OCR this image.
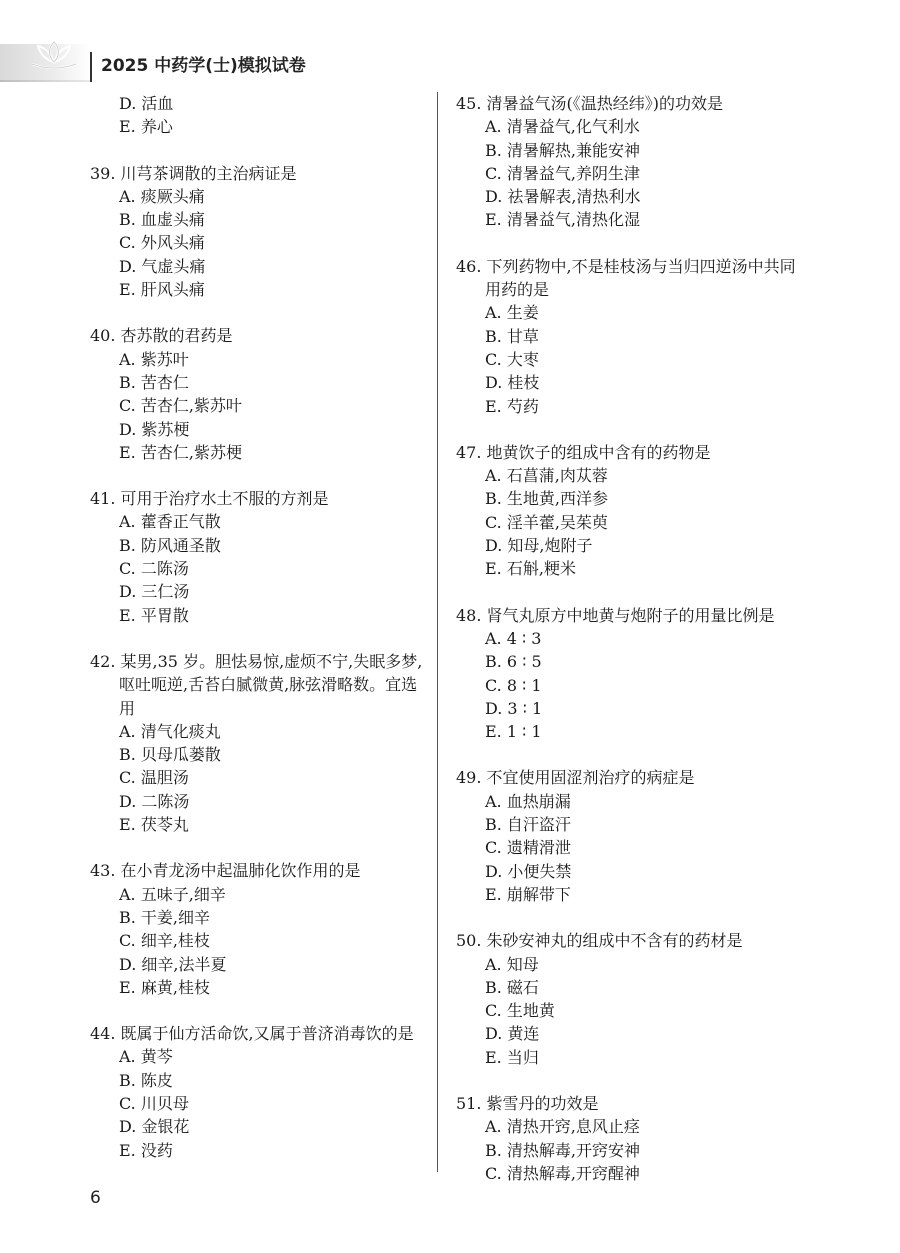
2025 中药学(士)模拟试卷
D. 活血
E. 养心
39. 川芎茶调散的主治病证是
A. 痰厥头痛
B. 血虚头痛
C. 外风头痛
D. 气虚头痛
E. 肝风头痛
40. 杏苏散的君药是
A. 紫苏叶
B. 苦杏仁
C. 苦杏仁,紫苏叶
D. 紫苏梗
E. 苦杏仁,紫苏梗
41. 可用于治疗水土不服的方剂是
A. 藿香正气散
B. 防风通圣散
C. 二陈汤
D. 三仁汤
E. 平胃散
42. 某男,35 岁。胆怯易惊,虚烦不宁,失眠多梦,呕吐呃逆,舌苔白腻微黄,脉弦滑略数。宜选用
A. 清气化痰丸
B. 贝母瓜蒌散
C. 温胆汤
D. 二陈汤
E. 茯苓丸
43. 在小青龙汤中起温肺化饮作用的是
A. 五味子,细辛
B. 干姜,细辛
C. 细辛,桂枝
D. 细辛,法半夏
E. 麻黄,桂枝
44. 既属于仙方活命饮,又属于普济消毒饮的是
A. 黄芩
B. 陈皮
C. 川贝母
D. 金银花
E. 没药
45. 清暑益气汤(《温热经纬》)的功效是
A. 清暑益气,化气利水
B. 清暑解热,兼能安神
C. 清暑益气,养阴生津
D. 祛暑解表,清热利水
E. 清暑益气,清热化湿
46. 下列药物中,不是桂枝汤与当归四逆汤中共同用药的是
A. 生姜
B. 甘草
C. 大枣
D. 桂枝
E. 芍药
47. 地黄饮子的组成中含有的药物是
A. 石菖蒲,肉苁蓉
B. 生地黄,西洋参
C. 淫羊藿,吴茱萸
D. 知母,炮附子
E. 石斛,粳米
48. 肾气丸原方中地黄与炮附子的用量比例是
A. 4 ∶ 3
B. 6 ∶ 5
C. 8 ∶ 1
D. 3 ∶ 1
E. 1 ∶ 1
49. 不宜使用固涩剂治疗的病症是
A. 血热崩漏
B. 自汗盗汗
C. 遗精滑泄
D. 小便失禁
E. 崩解带下
50. 朱砂安神丸的组成中不含有的药材是
A. 知母
B. 磁石
C. 生地黄
D. 黄连
E. 当归
51. 紫雪丹的功效是
A. 清热开窍,息风止痉
B. 清热解毒,开窍安神
C. 清热解毒,开窍醒神
6
